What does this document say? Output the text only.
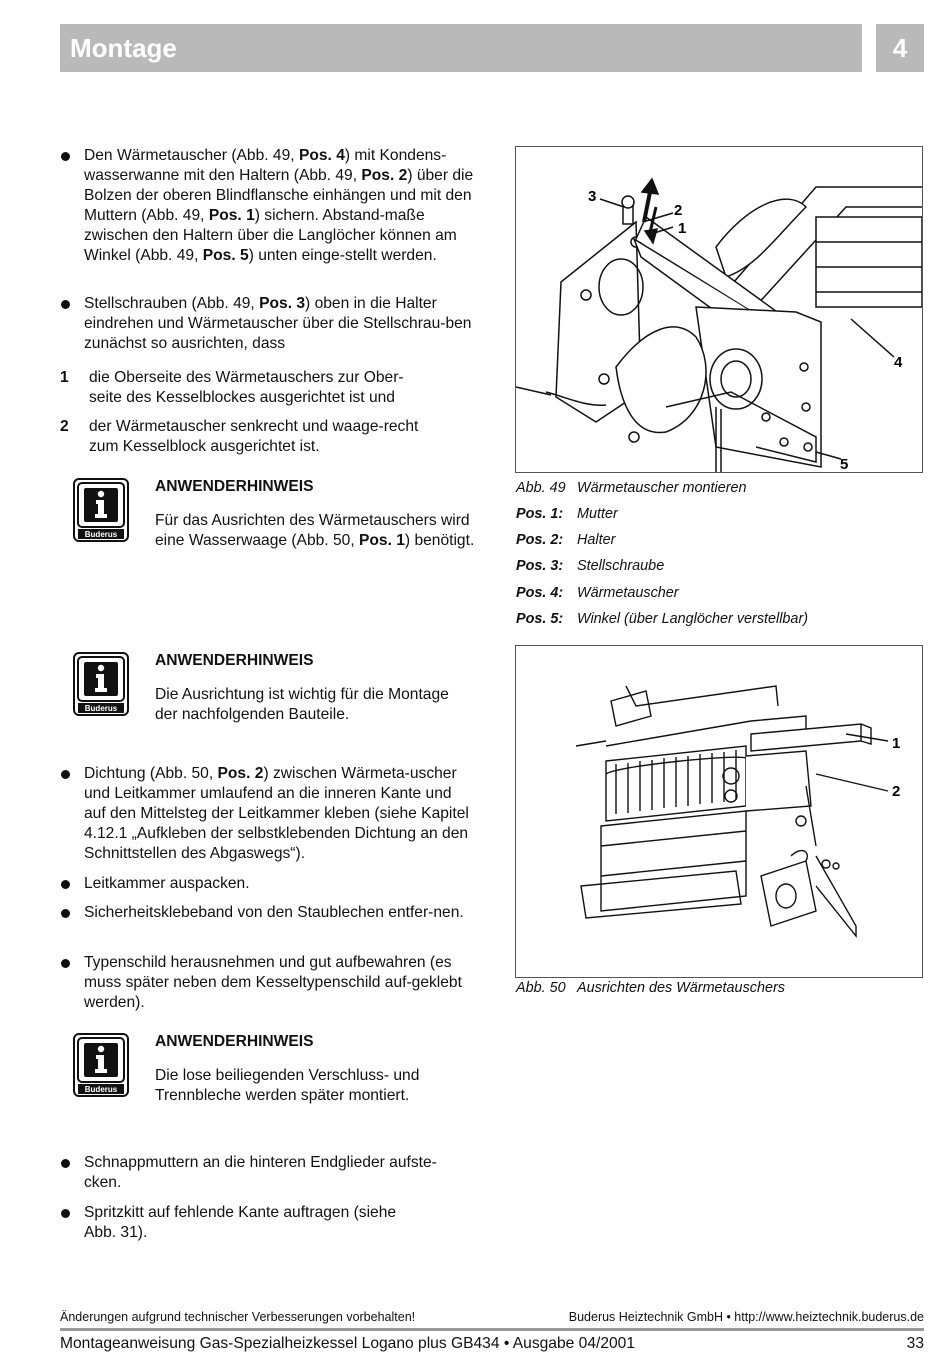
Montage	4
Den Wärmetauscher (Abb. 49, Pos. 4) mit Kondens-wasserwanne mit den Haltern (Abb. 49, Pos. 2) über die Bolzen der oberen Blindflansche einhängen und mit den Muttern (Abb. 49, Pos. 1) sichern. Abstand-maße zwischen den Haltern über die Langlöcher können am Winkel (Abb. 49, Pos. 5) unten einge-stellt werden.
Stellschrauben (Abb. 49, Pos. 3) oben in die Halter eindrehen und Wärmetauscher über die Stellschrau-ben zunächst so ausrichten, dass
1 die Oberseite des Wärmetauschers zur Ober-seite des Kesselblockes ausgerichtet ist und
2 der Wärmetauscher senkrecht und waage-recht zum Kesselblock ausgerichtet ist.
Buderus
ANWENDERHINWEIS
Für das Ausrichten des Wärmetauschers wird eine Wasserwaage (Abb. 50, Pos. 1) benötigt.
Buderus
ANWENDERHINWEIS
Die Ausrichtung ist wichtig für die Montage der nachfolgenden Bauteile.
Dichtung (Abb. 50, Pos. 2) zwischen Wärmeta-uscher und Leitkammer umlaufend an die inneren Kante und auf den Mittelsteg der Leitkammer kleben (siehe Kapitel 4.12.1 „Aufkleben der selbstklebenden Dichtung an den Schnittstellen des Abgaswegs“).
Leitkammer auspacken.
Sicherheitsklebeband von den Staublechen entfer-nen.
Typenschild herausnehmen und gut aufbewahren (es muss später neben dem Kesseltypenschild auf-geklebt werden).
Buderus
ANWENDERHINWEIS
Die lose beiliegenden Verschluss- und Trennbleche werden später montiert.
Schnappmuttern an die hinteren Endglieder aufste-cken.
Spritzkitt auf fehlende Kante auftragen (siehe Abb. 31).
3
2
1
4
5
Abb. 49 Wärmetauscher montieren
Pos. 1: Mutter
Pos. 2: Halter
Pos. 3: Stellschraube
Pos. 4: Wärmetauscher
Pos. 5: Winkel (über Langlöcher verstellbar)
1
2
Abb. 50 Ausrichten des Wärmetauschers
Änderungen aufgrund technischer Verbesserungen vorbehalten!	Buderus Heiztechnik GmbH • http://www.heiztechnik.buderus.de
Montageanweisung Gas-Spezialheizkessel Logano plus GB434 • Ausgabe 04/2001	33
